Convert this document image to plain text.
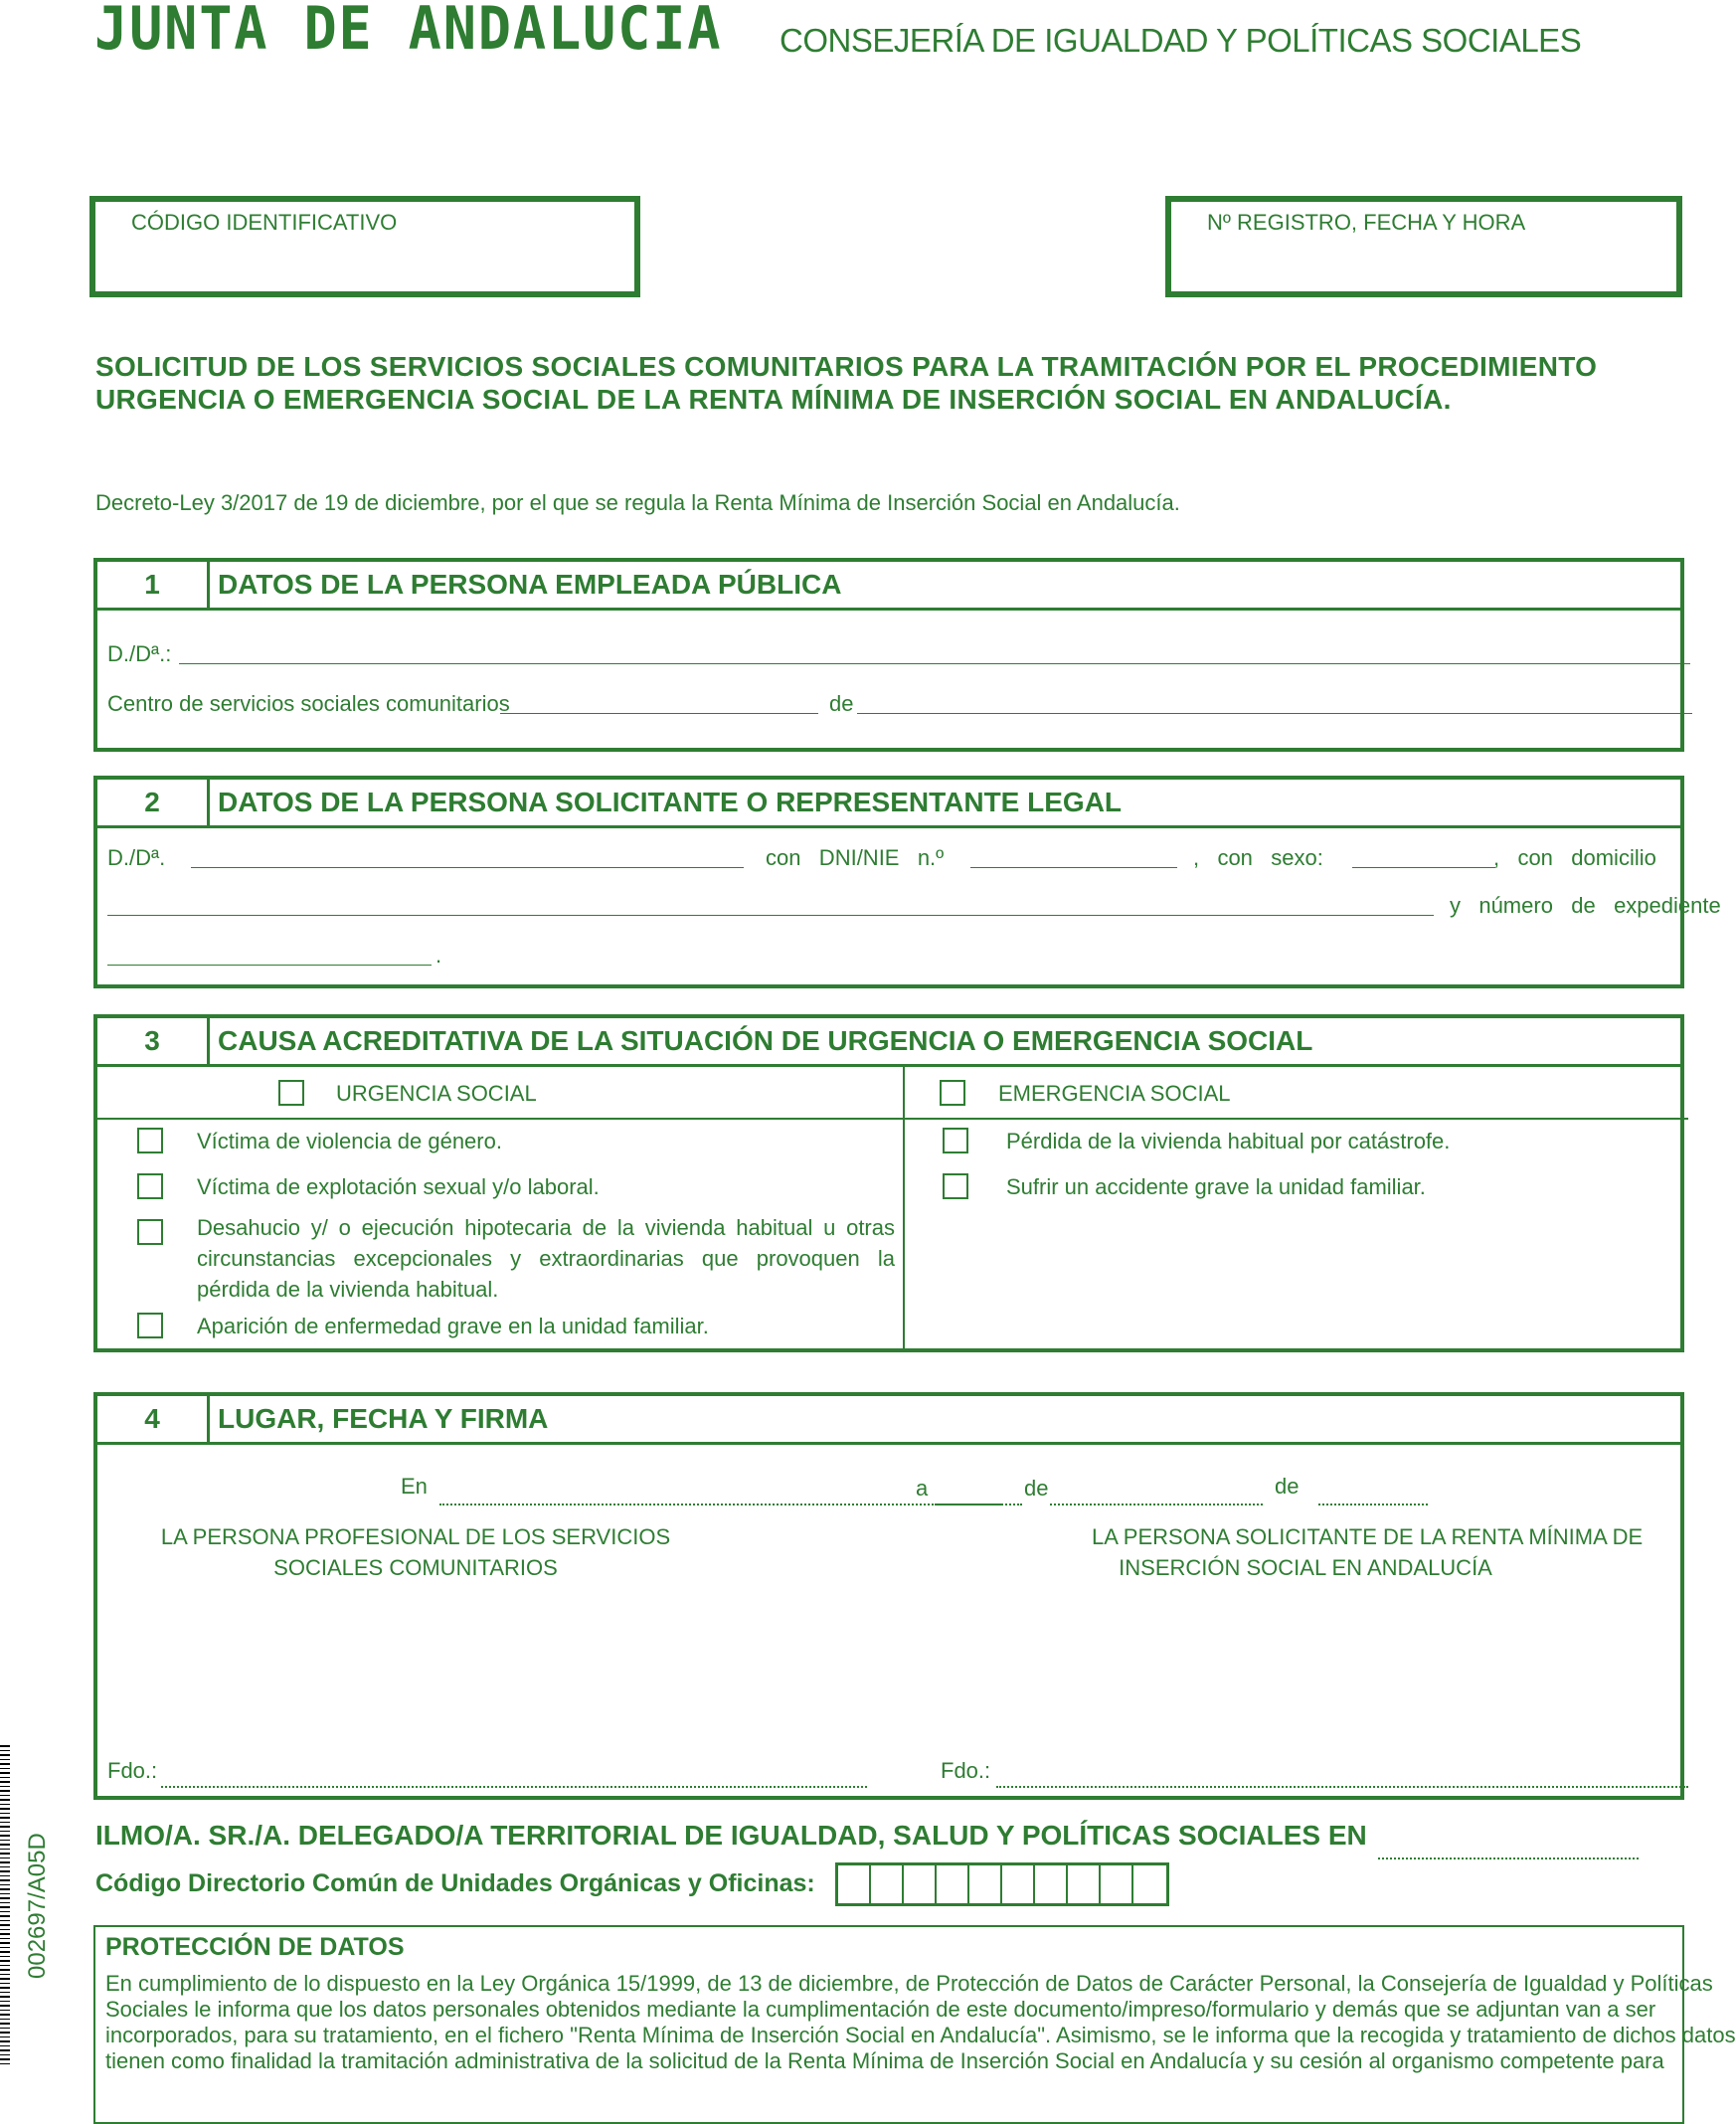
JUNTA DE ANDALUCIA CONSEJERÍA DE IGUALDAD Y POLÍTICAS SOCIALES
CÓDIGO IDENTIFICATIVO	Nº REGISTRO, FECHA Y HORA
SOLICITUD DE LOS SERVICIOS SOCIALES COMUNITARIOS PARA LA TRAMITACIÓN POR EL PROCEDIMIENTO
URGENCIA O EMERGENCIA SOCIAL DE LA RENTA MÍNIMA DE INSERCIÓN SOCIAL EN ANDALUCÍA.
Decreto-Ley 3/2017 de 19 de diciembre, por el que se regula la Renta Mínima de Inserción Social en Andalucía.
1	DATOS DE LA PERSONA EMPLEADA PÚBLICA
D./Dª.:
Centro de servicios sociales comunitarios	de
2	DATOS DE LA PERSONA SOLICITANTE O REPRESENTANTE LEGAL
D./Dª.	con   DNI/NIE   n.º	,   con   sexo:	,   con   domicilio
y   número   de   expediente
.
3	CAUSA ACREDITATIVA DE LA SITUACIÓN DE URGENCIA O EMERGENCIA SOCIAL
URGENCIA SOCIAL	EMERGENCIA SOCIAL
Víctima de violencia de género.
Víctima de explotación sexual y/o laboral.
Desahucio y/ o ejecución hipotecaria de la vivienda habitual u otras circunstancias excepcionales y extraordinarias que provoquen la pérdida de la vivienda habitual.
Aparición de enfermedad grave en la unidad familiar.
Pérdida de la vivienda habitual por catástrofe.
Sufrir un accidente grave la unidad familiar.
4	LUGAR, FECHA Y FIRMA
En	a	de	de
LA PERSONA PROFESIONAL DE LOS SERVICIOS
SOCIALES COMUNITARIOS
LA PERSONA SOLICITANTE DE LA RENTA MÍNIMA DE
INSERCIÓN SOCIAL EN ANDALUCÍA
Fdo.:	Fdo.:
ILMO/A. SR./A. DELEGADO/A TERRITORIAL DE IGUALDAD, SALUD Y POLÍTICAS SOCIALES EN
Código Directorio Común de Unidades Orgánicas y Oficinas:
PROTECCIÓN DE DATOS
En cumplimiento de lo dispuesto en la Ley Orgánica 15/1999, de 13 de diciembre, de Protección de Datos de Carácter Personal, la Consejería de Igualdad y Políticas
Sociales le informa que los datos personales obtenidos mediante la cumplimentación de este documento/impreso/formulario y demás que se adjuntan van a ser
incorporados, para su tratamiento, en el fichero "Renta Mínima de Inserción Social en Andalucía". Asimismo, se le informa que la recogida y tratamiento de dichos datos
tienen como finalidad la tramitación administrativa de la solicitud de la Renta Mínima de Inserción Social en Andalucía y su cesión al organismo competente para
002697/A05D
